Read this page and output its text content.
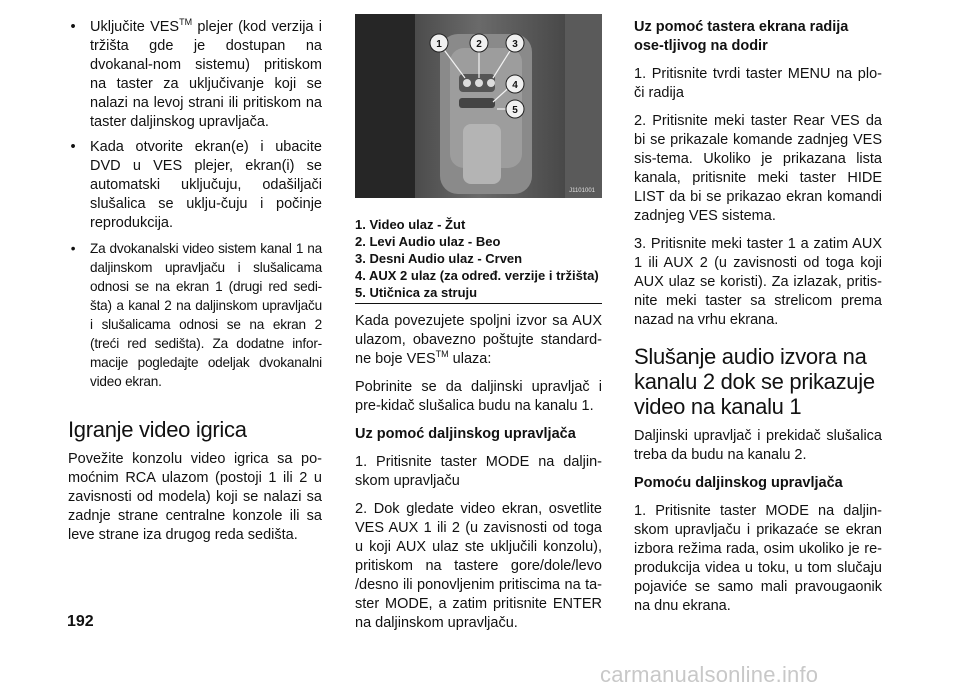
• Uključite VES™ plejer (kod verzija i tržišta gde je dostupan na dvokanal-nom sistemu) pritiskom na taster za uključivanje koji se nalazi na levoj strani ili pritiskom na taster daljinskog upravljača.
• Kada otvorite ekran(e) i ubacite DVD u VES plejer, ekran(i) se automatski uključuju, odašiljači slušalica se uklju-čuju i počinje reprodukcija.
• Za dvokanalski video sistem kanal 1 na daljinskom upravljaču i slušalicama odnosi se na ekran 1 (drugi red sedi-šta) a kanal 2 na daljinskom upravljaču i slušalicama odnosi se na ekran 2 (treći red sedišta). Za dodatne infor-macije pogledajte odeljak dvokanalni video ekran.
Igranje video igrica

Povežite konzolu video igrica sa po-moćnim RCA ulazom (postoji 1 ili 2 u zavisnosti od modela) koji se nalazi sa zadnje strane centralne konzole ili sa leve strane iza drugog reda sedišta.

1	2	3
4
5
J1101001
1. Video ulaz - Žut
2. Levi Audio ulaz - Beo
3. Desni Audio ulaz - Crven
4. AUX 2 ulaz (za određ. verzije i tržišta)
5. Utičnica za struju

Kada povezujete spoljni izvor sa AUX ulazom, obavezno poštujte standard-ne boje VES™ ulaza:

Pobrinite se da daljinski upravljač i pre-kidač slušalica budu na kanalu 1.

Uz pomoć daljinskog upravljača

1. Pritisnite taster MODE na daljin-skom upravljaču

2. Dok gledate video ekran, osvetlite VES AUX 1 ili 2 (u zavisnosti od toga u koji AUX ulaz ste uključili konzolu), pritiskom na tastere gore/dole/levo /desno ili ponovljenim pritiscima na ta-ster MODE, a zatim pritisnite ENTER na daljinskom upravljaču.

Uz pomoć tastera ekrana radija ose-tljivog na dodir

1. Pritisnite tvrdi taster MENU na plo-či radija

2. Pritisnite meki taster Rear VES da bi se prikazale komande zadnjeg VES sis-tema. Ukoliko je prikazana lista kanala, pritisnite meki taster HIDE LIST da bi se prikazao ekran komandi zadnjeg VES sistema.

3. Pritisnite meki taster 1 a zatim AUX 1 ili AUX 2 (u zavisnosti od toga koji AUX ulaz se koristi). Za izlazak, pritis-nite meki taster sa strelicom prema nazad na vrhu ekrana.

Slušanje audio izvora na kanalu 2 dok se prikazuje video na kanalu 1

Daljinski upravljač i prekidač slušalica treba da budu na kanalu 2.

Pomoću daljinskog upravljača

1. Pritisnite taster MODE na daljin-skom upravljaču i prikazaće se ekran izbora režima rada, osim ukoliko je re-produkcija videa u toku, u tom slučaju pojaviće se samo mali pravougaonik na dnu ekrana.

192
carmanualsonline.info
